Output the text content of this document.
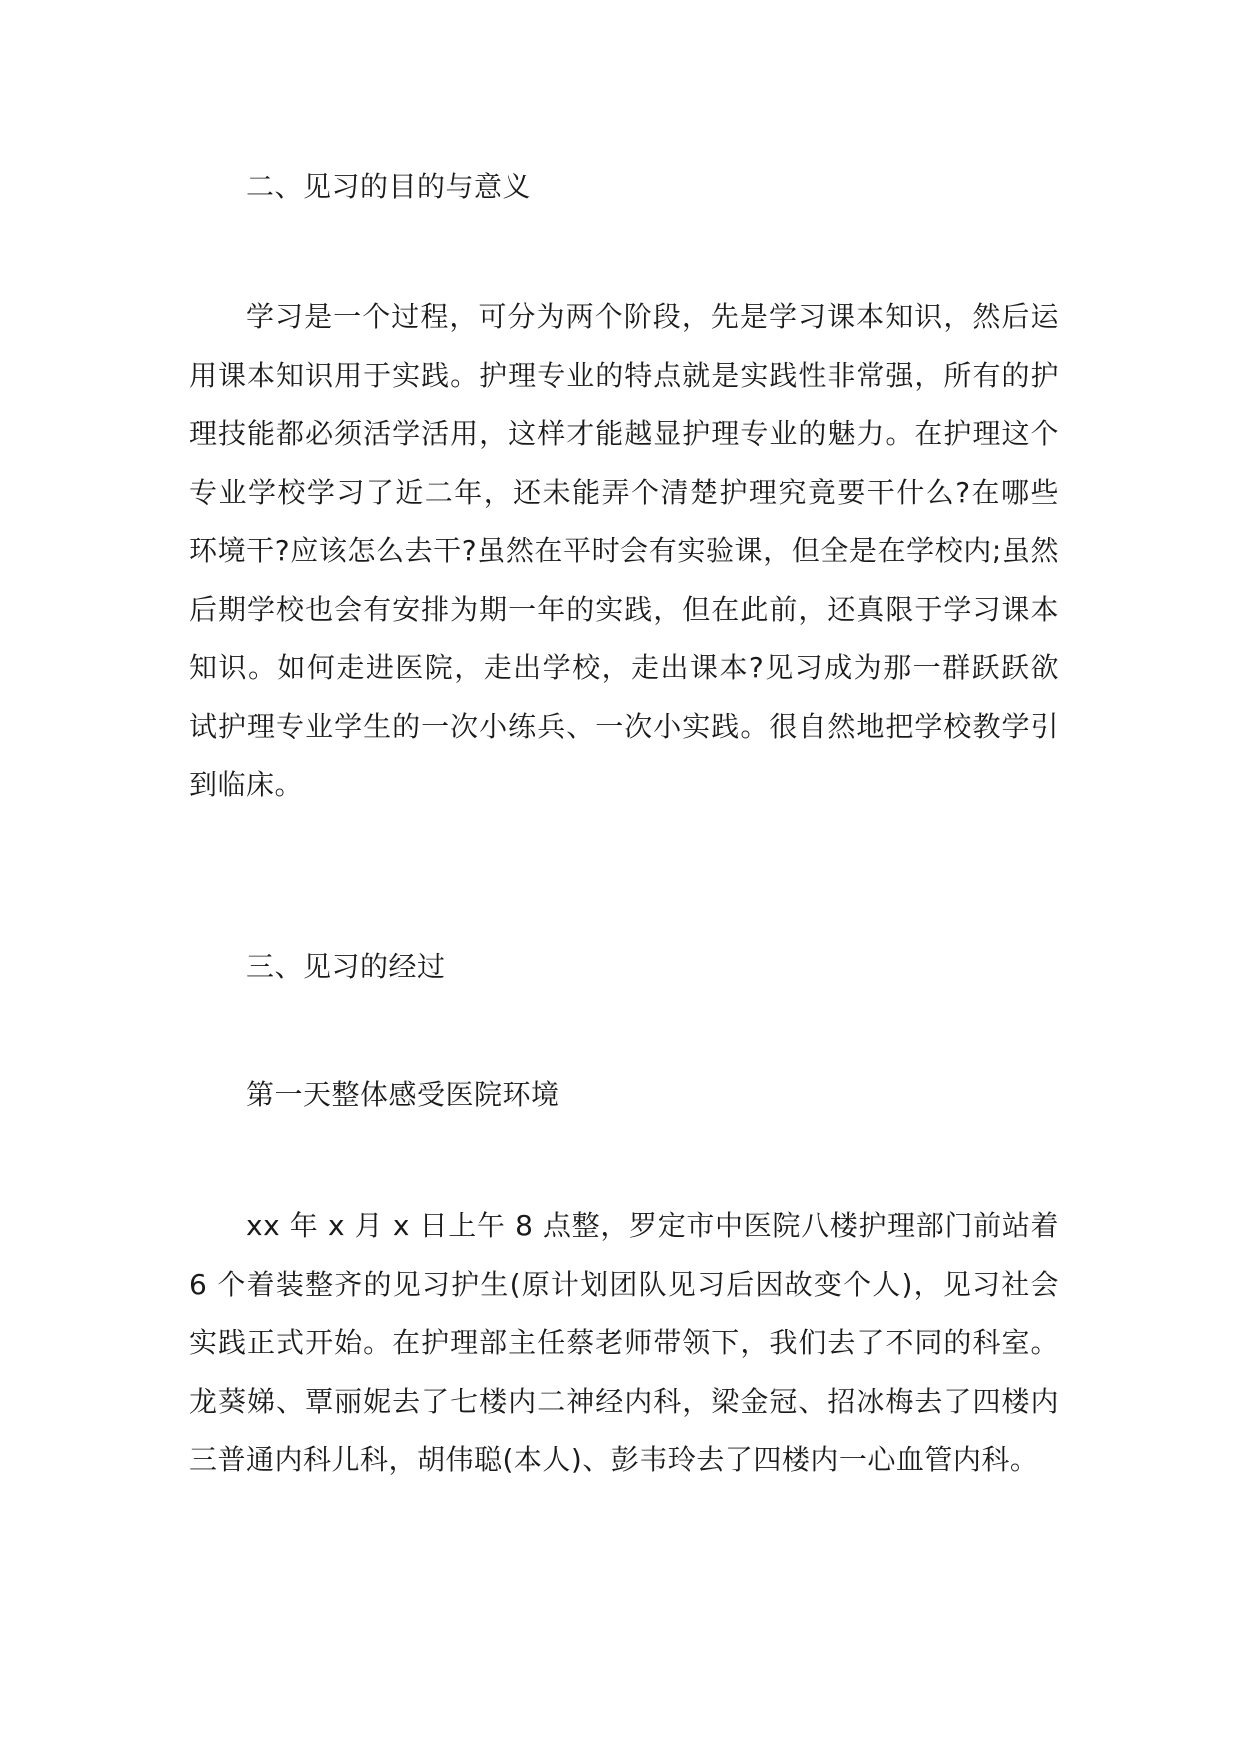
二、见习的目的与意义

学习是一个过程，可分为两个阶段，先是学习课本知识，然后运用课本知识用于实践。护理专业的特点就是实践性非常强，所有的护理技能都必须活学活用，这样才能越显护理专业的魅力。在护理这个专业学校学习了近二年，还未能弄个清楚护理究竟要干什么?在哪些环境干?应该怎么去干?虽然在平时会有实验课，但全是在学校内;虽然后期学校也会有安排为期一年的实践，但在此前，还真限于学习课本知识。如何走进医院，走出学校，走出课本?见习成为那一群跃跃欲试护理专业学生的一次小练兵、一次小实践。很自然地把学校教学引到临床。

三、见习的经过

第一天整体感受医院环境

xx 年 x 月 x 日上午 8 点整，罗定市中医院八楼护理部门前站着 6 个着装整齐的见习护生(原计划团队见习后因故变个人)，见习社会实践正式开始。在护理部主任蔡老师带领下，我们去了不同的科室。龙葵娣、覃丽妮去了七楼内二神经内科，梁金冠、招冰梅去了四楼内三普通内科儿科，胡伟聪(本人)、彭韦玲去了四楼内一心血管内科。
